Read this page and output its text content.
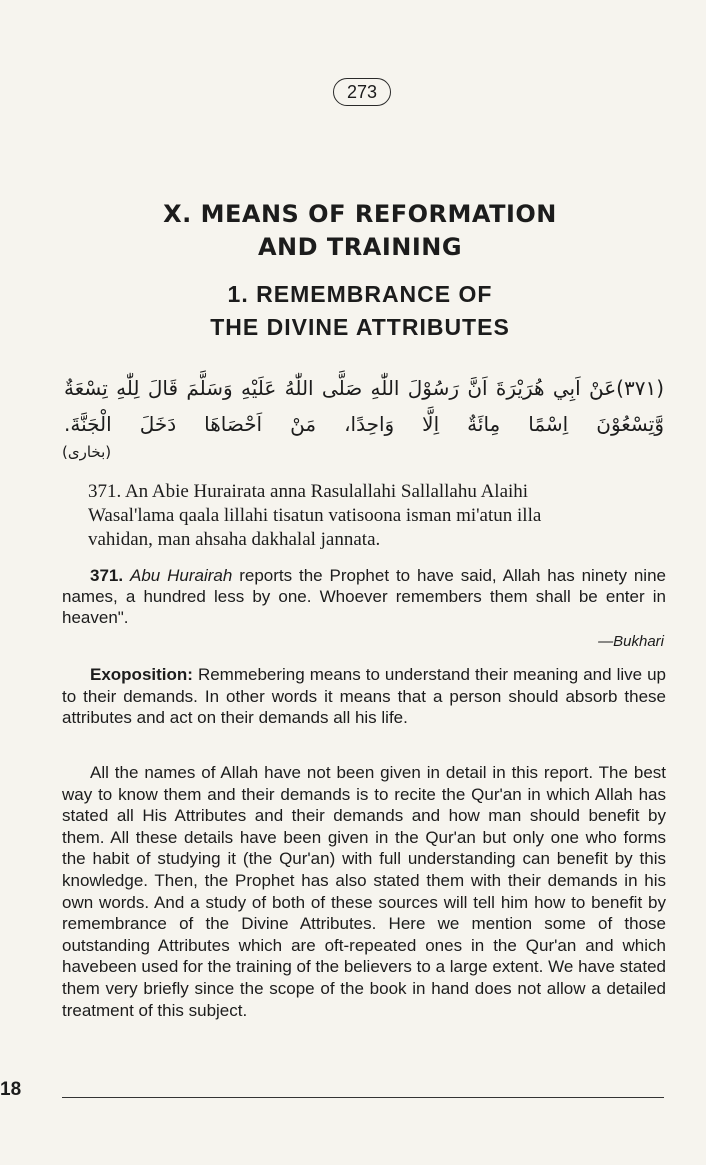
273
X. MEANS OF REFORMATION
AND TRAINING
1. REMEMBRANCE OF
THE DIVINE ATTRIBUTES
(٣٧١)عَنْ اَبِي هُرَيْرَةَ اَنَّ رَسُوْلَ اللّٰهِ صَلَّى اللّٰهُ عَلَيْهِ وَسَلَّمَ قَالَ لِلّٰهِ تِسْعَةٌ وَّتِسْعُوْنَ اِسْمًا مِائَةٌ اِلَّا وَاحِدًا، مَنْ اَحْصَاهَا دَخَلَ الْجَنَّةَ.
(بخاری)

371. An Abie Hurairata anna Rasulallahi Sallallahu Alaihi

Wasal'lama qaala lillahi tisatun vatisoona isman mi'atun illa

vahidan, man ahsaha dakhalal jannata.

371. Abu Hurairah reports the Prophet to have said, Allah has ninety nine names, a hundred less by one. Whoever remembers them shall be enter in heaven".
—Bukhari

Exoposition: Remmebering means to understand their meaning and live up to their demands. In other words it means that a person should absorb these attributes and act on their demands all his life.

All the names of Allah have not been given in detail in this report. The best way to know them and their demands is to recite the Qur'an in which Allah has stated all His Attributes and their demands and how man should benefit by them. All these details have been given in the Qur'an but only one who forms the habit of studying it (the Qur'an) with full understanding can benefit by this knowledge. Then, the Prophet has also stated them with their demands in his own words. And a study of both of these sources will tell him how to benefit by remembrance of the Divine Attributes. Here we mention some of those outstanding Attributes which are oft-repeated ones in the Qur'an and which havebeen used for the training of the believers to a large extent. We have stated them very briefly since the scope of the book in hand does not allow a detailed treatment of this subject.

18
